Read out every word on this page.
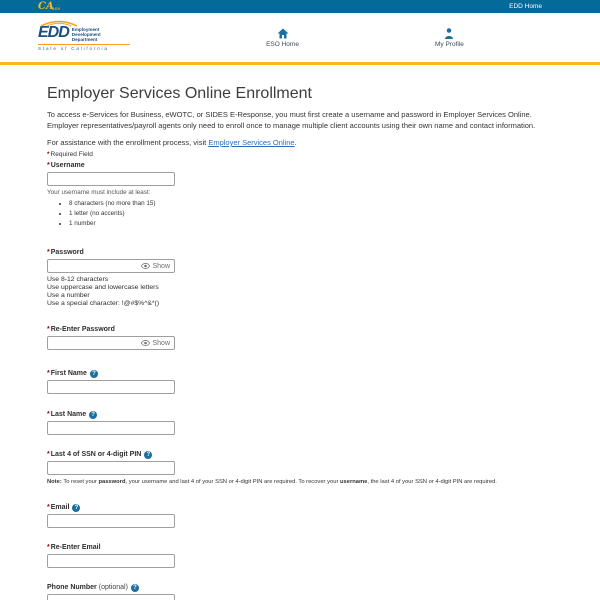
CA
GOV	EDD Home
EDD Employment
Development
Department
State of California
ESO Home	My Profile
Employer Services Online Enrollment

To access e-Services for Business, eWOTC, or SIDES E-Response, you must first create a username and password in Employer Services Online. Employer representatives/payroll agents only need to enroll once to manage multiple client accounts using their own name and contact information.

For assistance with the enrollment process, visit Employer Services Online.

*Required Field

*Username
Your username must include at least:
• 8 characters (no more than 15)
• 1 letter (no accents)
• 1 number
*Password
Show
Use 8-12 characters
Use uppercase and lowercase letters
Use a number
Use a special character: !@#$%^&*()
*Re-Enter Password
Show
*First Name ?
*Last Name ?
*Last 4 of SSN or 4-digit PIN ?

Note: To reset your password, your username and last 4 of your SSN or 4-digit PIN are required. To recover your username, the last 4 of your SSN or 4-digit PIN are required.

*Email ?
*Re-Enter Email
Phone Number (optional) ?
